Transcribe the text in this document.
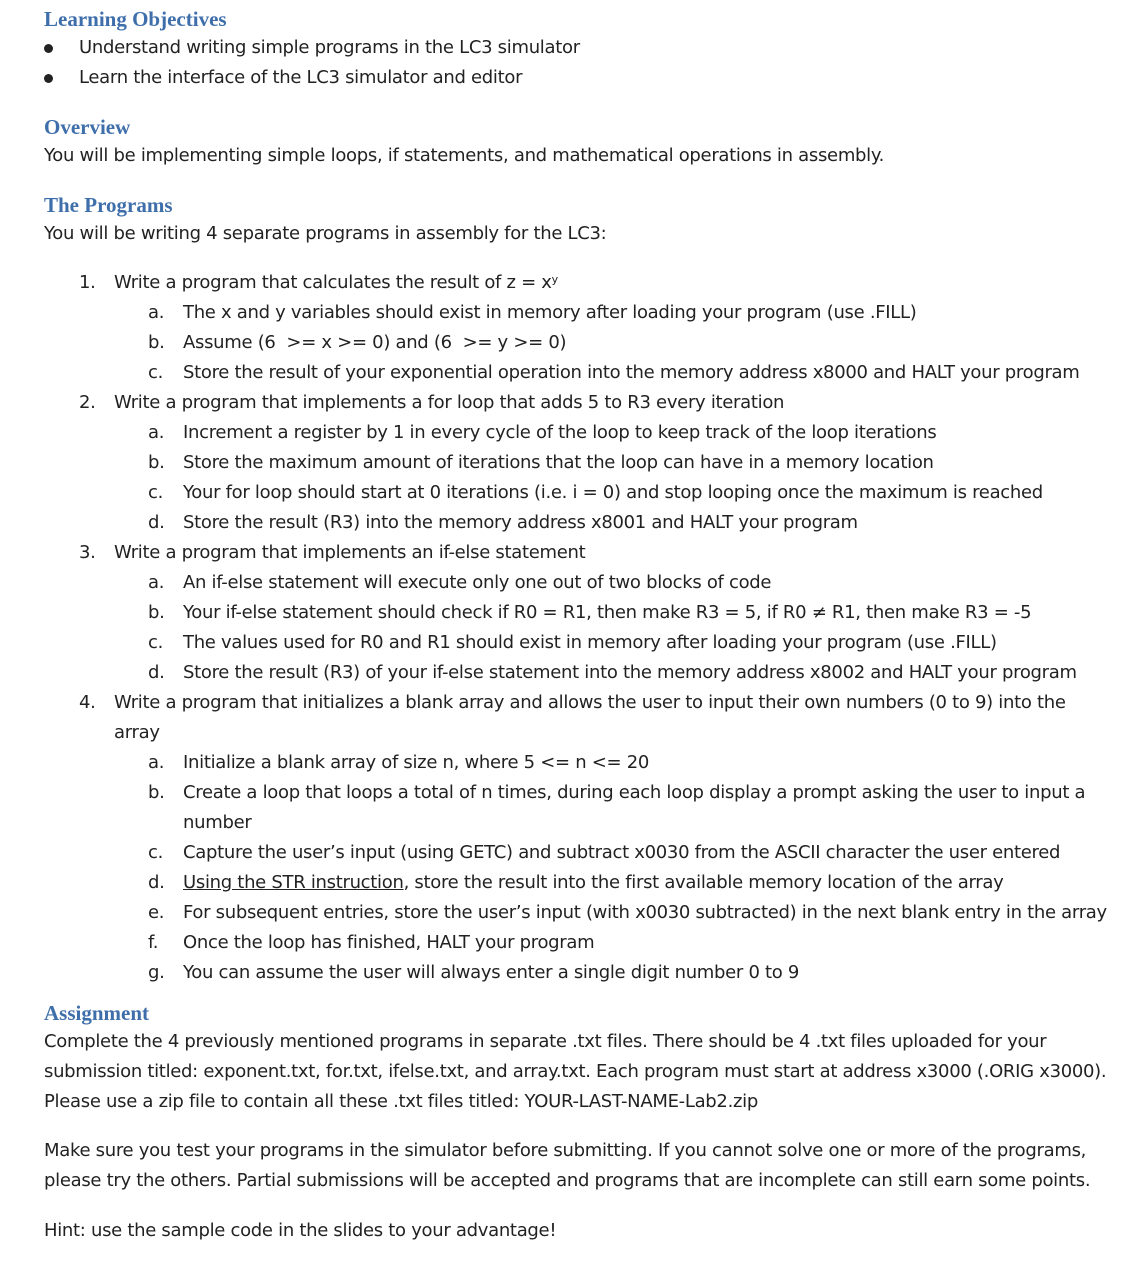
Learning Objectives
Understand writing simple programs in the LC3 simulator
Learn the interface of the LC3 simulator and editor
Overview
You will be implementing simple loops, if statements, and mathematical operations in assembly.
The Programs
You will be writing 4 separate programs in assembly for the LC3:
1.	Write a program that calculates the result of $z = x^y$
a.	The x and y variables should exist in memory after loading your program (use .FILL)
b.	Assume (6  >= x >= 0) and (6  >= y >= 0)
c.	Store the result of your exponential operation into the memory address x8000 and HALT your program
2.	Write a program that implements a for loop that adds 5 to R3 every iteration
a.	Increment a register by 1 in every cycle of the loop to keep track of the loop iterations
b.	Store the maximum amount of iterations that the loop can have in a memory location
c.	Your for loop should start at 0 iterations (i.e. i = 0) and stop looping once the maximum is reached
d.	Store the result (R3) into the memory address x8001 and HALT your program
3.	Write a program that implements an if-else statement
a.	An if-else statement will execute only one out of two blocks of code
b.	Your if-else statement should check if R0 = R1, then make R3 = 5, if R0 ≠ R1, then make R3 = -5
c.	The values used for R0 and R1 should exist in memory after loading your program (use .FILL)
d.	Store the result (R3) of your if-else statement into the memory address x8002 and HALT your program
4.	Write a program that initializes a blank array and allows the user to input their own numbers (0 to 9) into the
array
a.	Initialize a blank array of size n, where 5 <= n <= 20
b.	Create a loop that loops a total of n times, during each loop display a prompt asking the user to input a
number
c.	Capture the user’s input (using GETC) and subtract x0030 from the ASCII character the user entered
d.	Using the STR instruction, store the result into the first available memory location of the array
e.	For subsequent entries, store the user’s input (with x0030 subtracted) in the next blank entry in the array
f.	Once the loop has finished, HALT your program
g.	You can assume the user will always enter a single digit number 0 to 9
Assignment
Complete the 4 previously mentioned programs in separate .txt files. There should be 4 .txt files uploaded for your
submission titled: exponent.txt, for.txt, ifelse.txt, and array.txt. Each program must start at address x3000 (.ORIG x3000).
Please use a zip file to contain all these .txt files titled: YOUR-LAST-NAME-Lab2.zip
Make sure you test your programs in the simulator before submitting. If you cannot solve one or more of the programs,
please try the others. Partial submissions will be accepted and programs that are incomplete can still earn some points.
Hint: use the sample code in the slides to your advantage!
